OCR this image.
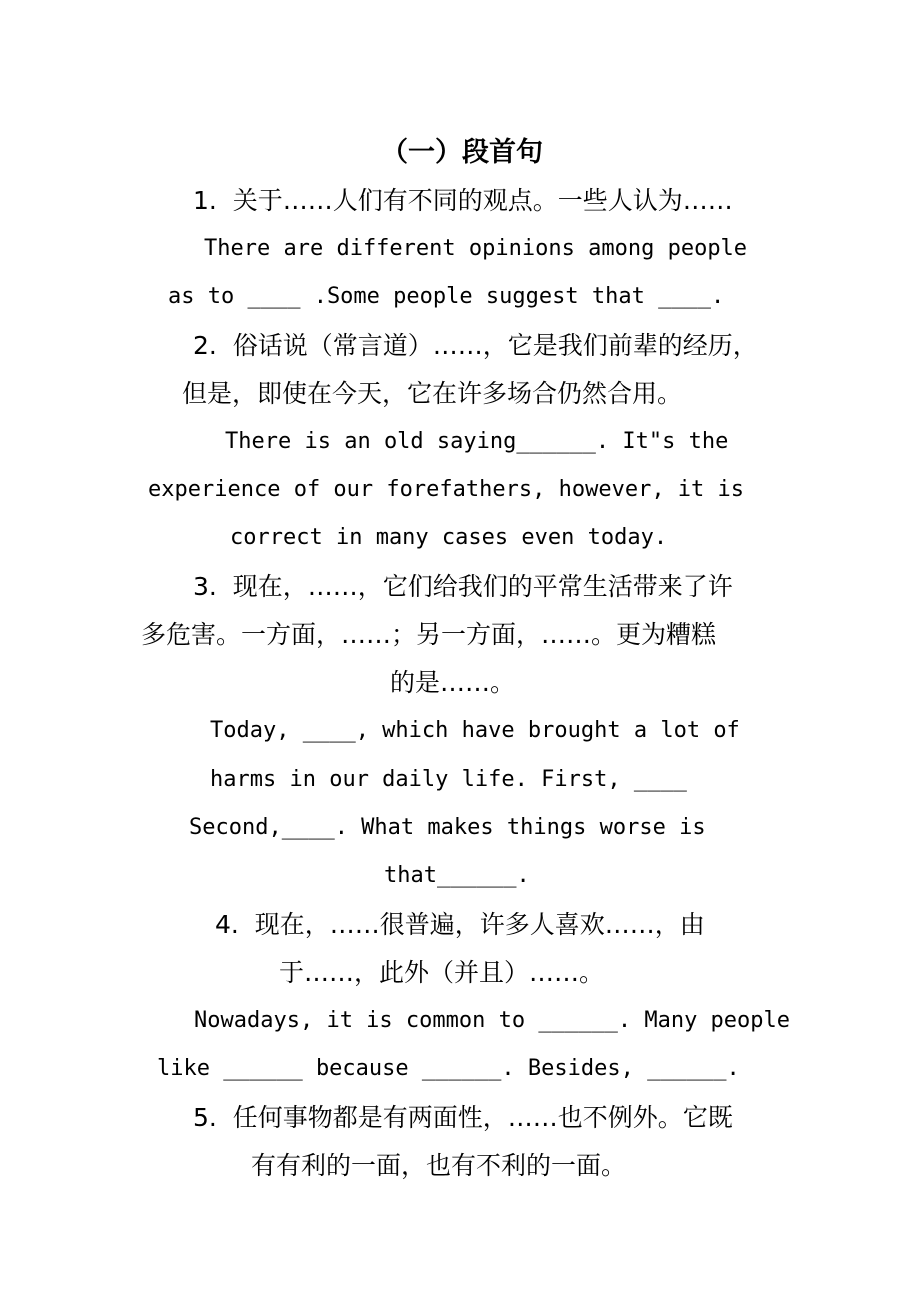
（一）段首句
1.  关于……人们有不同的观点。一些人认为……
There are different opinions among people
as to ____ .Some people suggest that ____.
2.  俗话说（常言道）……，它是我们前辈的经历，
但是，即使在今天，它在许多场合仍然合用。
There is an old saying______. It"s the
experience of our forefathers, however, it is
correct in many cases even today.
3.  现在，……，它们给我们的平常生活带来了许
多危害。一方面，……；另一方面，……。更为糟糕
的是……。
Today, ____, which have brought a lot of
harms in our daily life. First, ____
Second,____. What makes things worse is
that______.
4.  现在，……很普遍，许多人喜欢……，由
于……，此外（并且）……。
Nowadays, it is common to ______. Many people
like ______ because ______. Besides, ______.
5.  任何事物都是有两面性，……也不例外。它既
有有利的一面，也有不利的一面。
